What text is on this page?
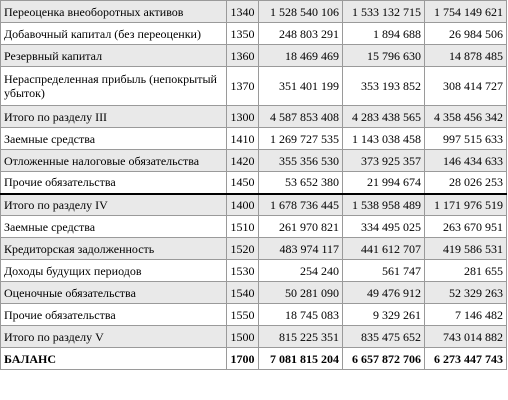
Переоценка внеоборотных активов	1340	1 528 540 106	1 533 132 715	1 754 149 621
Добавочный капитал (без переоценки)	1350	248 803 291	1 894 688	26 984 506
Резервный капитал	1360	18 469 469	15 796 630	14 878 485
Нераспределенная прибыль (непокрытый убыток)	1370	351 401 199	353 193 852	308 414 727
Итого по разделу III	1300	4 587 853 408	4 283 438 565	4 358 456 342
Заемные средства	1410	1 269 727 535	1 143 038 458	997 515 633
Отложенные налоговые обязательства	1420	355 356 530	373 925 357	146 434 633
Прочие обязательства	1450	53 652 380	21 994 674	28 026 253
Итого по разделу IV	1400	1 678 736 445	1 538 958 489	1 171 976 519
Заемные средства	1510	261 970 821	334 495 025	263 670 951
Кредиторская задолженность	1520	483 974 117	441 612 707	419 586 531
Доходы будущих периодов	1530	254 240	561 747	281 655
Оценочные обязательства	1540	50 281 090	49 476 912	52 329 263
Прочие обязательства	1550	18 745 083	9 329 261	7 146 482
Итого по разделу V	1500	815 225 351	835 475 652	743 014 882
БАЛАНС	1700	7 081 815 204	6 657 872 706	6 273 447 743
